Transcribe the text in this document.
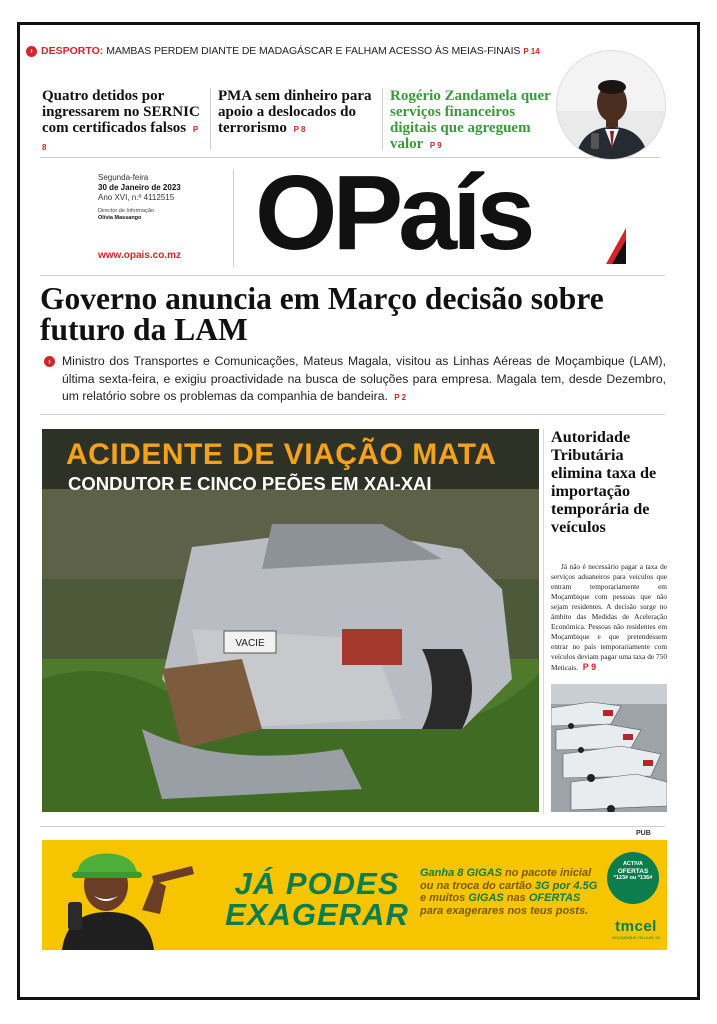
› DESPORTO: MAMBAS PERDEM DIANTE DE MADAGÁSCAR E FALHAM ACESSO ÀS MEIAS-FINAIS P 14
Quatro detidos por ingressarem no SERNIC com certificados falsos P 8
PMA sem dinheiro para apoio a deslocados do terrorismo P 8
Rogério Zandamela quer serviços financeiros digitais que agreguem valor P 9
Segunda-feira
30 de Janeiro de 2023
Ano XVI, n.º 4112515
Director de Informação
Olívia Massango
www.opais.co.mz OPaís
Governo anuncia em Março decisão sobre futuro da LAM
› Ministro dos Transportes e Comunicações, Mateus Magala, visitou as Linhas Aéreas de Moçambique (LAM), última sexta-feira, e exigiu proactividade na busca de soluções para empresa. Magala tem, desde Dezembro, um relatório sobre os problemas da companhia de bandeira. P 2

VACIE
ACIDENTE DE VIAÇÃO MATA
CONDUTOR E CINCO PEÕES EM XAI-XAI
Autoridade Tributária elimina taxa de importação temporária de veículos
Já não é necessário pagar a taxa de serviços aduaneiros para veículos que entram temporariamente em Moçambique com pessoas que não sejam residentes. A decisão surge no âmbito das Medidas de Aceleração Económica. Pessoas não residentes em Moçambique e que pretendessem entrar no país temporariamente com veículos deviam pagar uma taxa de 750 Meticais. P 9
PUB
JÁ PODES EXAGERAR
Ganha 8 GIGAS no pacote inicial ou na troca do cartão 3G por 4.5G e muitos GIGAS nas OFERTAS para exagerares nos teus posts.
ACTIVA
OFERTAS
*123# ou *136#
tmcel
MOÇAMBIQUE CELULAR, SA
